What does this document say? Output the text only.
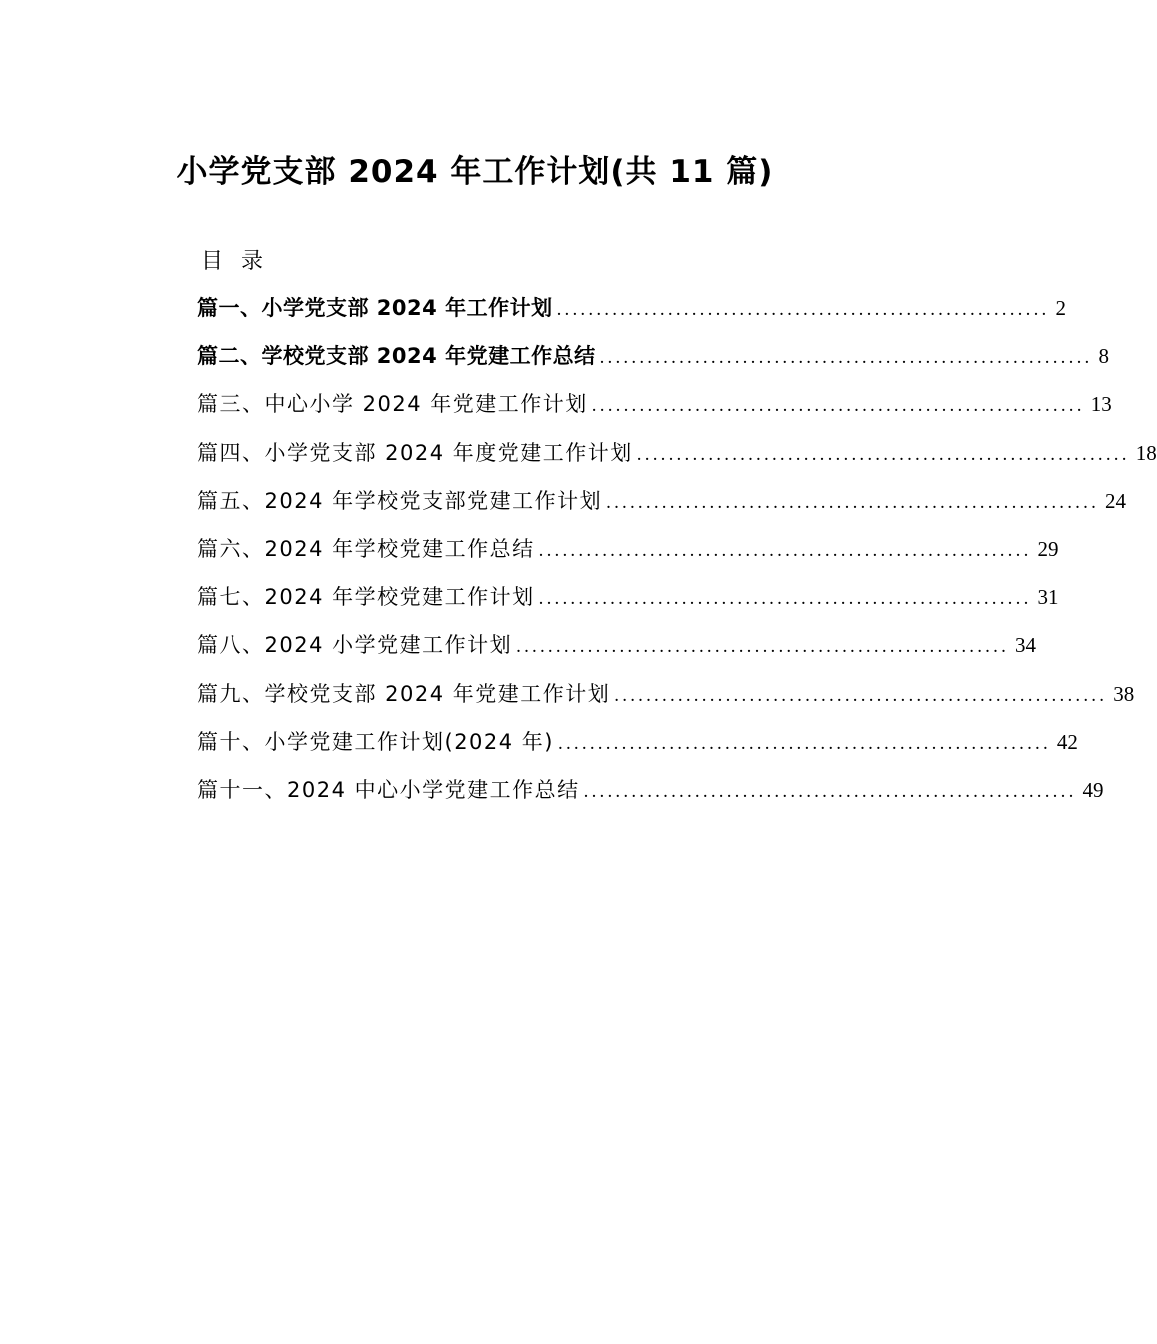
小学党支部 2024 年工作计划(共 11 篇)
目录
篇一、小学党支部 2024 年工作计划 .............................................................. 2
篇二、学校党支部 2024 年党建工作总结 .............................................................. 8
篇三、中心小学 2024 年党建工作计划 .............................................................. 13
篇四、小学党支部 2024 年度党建工作计划 .............................................................. 18
篇五、2024 年学校党支部党建工作计划 .............................................................. 24
篇六、2024 年学校党建工作总结 .............................................................. 29
篇七、2024 年学校党建工作计划 .............................................................. 31
篇八、2024 小学党建工作计划 .............................................................. 34
篇九、学校党支部 2024 年党建工作计划 .............................................................. 38
篇十、小学党建工作计划(2024 年) .............................................................. 42
篇十一、2024 中心小学党建工作总结 .............................................................. 49
